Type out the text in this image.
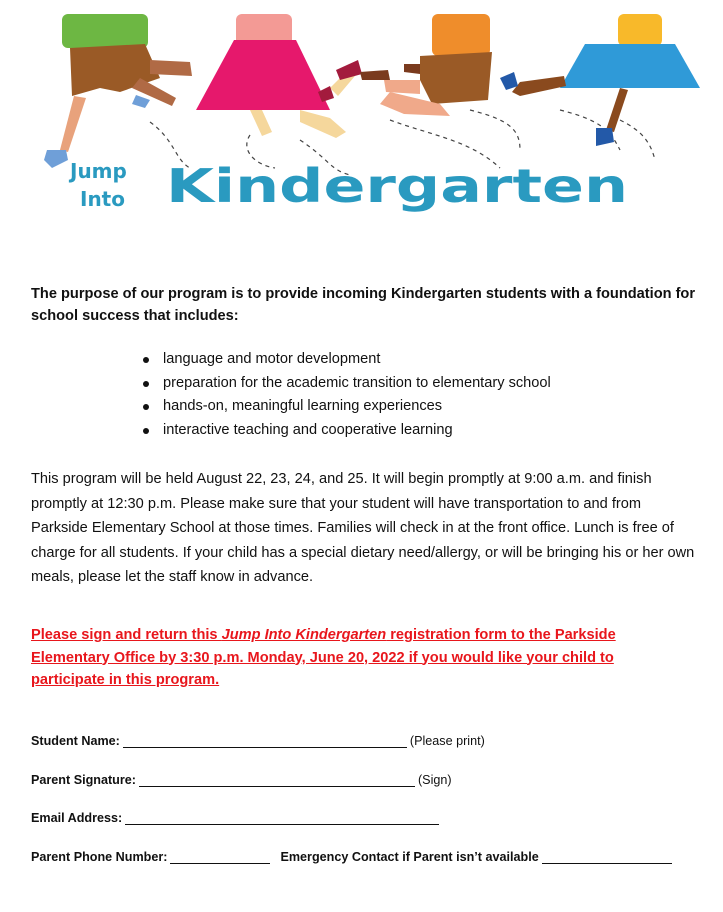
Jump
Into Kindergarten
The purpose of our program is to provide incoming Kindergarten students with a foundation for school success that includes:
language and motor development
preparation for the academic transition to elementary school
hands-on, meaningful learning experiences
interactive teaching and cooperative learning
This program will be held August 22, 23, 24, and 25. It will begin promptly at 9:00 a.m. and finish promptly at 12:30 p.m. Please make sure that your student will have transportation to and from Parkside Elementary School at those times. Families will check in at the front office. Lunch is free of charge for all students. If your child has a special dietary need/allergy, or will be bringing his or her own meals, please let the staff know in advance.
Please sign and return this Jump Into Kindergarten registration form to the Parkside Elementary Office by 3:30 p.m. Monday, June 20, 2022 if you would like your child to participate in this program.
Student Name:	(Please print)
Parent Signature:	(Sign)
Email Address:
Parent Phone Number:	Emergency Contact if Parent isn’t available
